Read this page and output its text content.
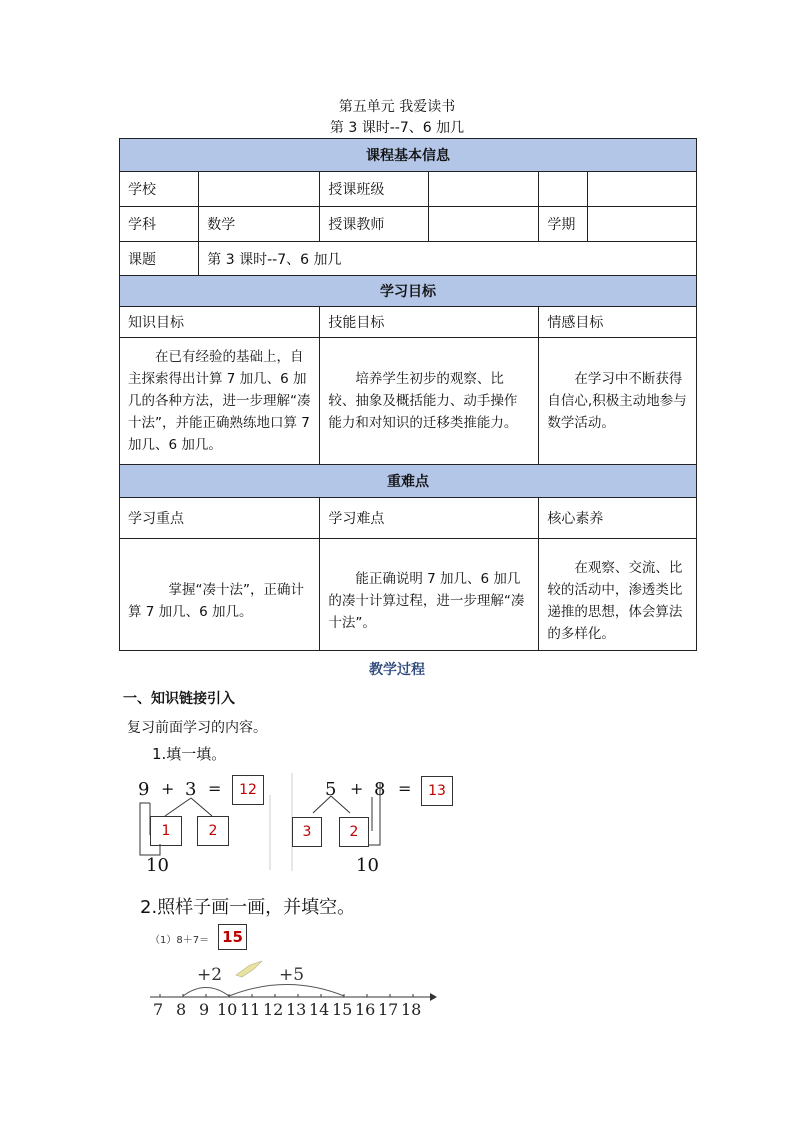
第五单元 我爱读书
第 3 课时--7、6 加几
课程基本信息					
学校		授课班级			
学科	数学	授课教师		学期	
课题	第 3 课时--7、6 加几				
学习目标					
知识目标		技能目标		情感目标	
　　在已有经验的基础上，自主探索得出计算 7 加几、6 加几的各种方法，进一步理解“凑十法”，并能正确熟练地口算 7 加几、6 加几。		　　培养学生初步的观察、比较、抽象及概括能力、动手操作能力和对知识的迁移类推能力。		　　在学习中不断获得自信心,积极主动地参与数学活动。	
重难点					
学习重点		学习难点		核心素养	
　　　掌握“凑十法”，正确计算 7 加几、6 加几。		　　能正确说明 7 加几、6 加几的凑十计算过程，进一步理解“凑十法”。		　　在观察、交流、比较的活动中，渗透类比递推的思想，体会算法的多样化。	
教学过程
一、知识链接引入
复习前面学习的内容。
1.填一填。
9 + 3 =	12
1	2
10
5 + 8 =	13
3	2
10
2.照样子画一画，并填空。
（1）8＋7＝ 15
+2	+5
7 8 9 10 11 12 13 14 15 16 17 18
